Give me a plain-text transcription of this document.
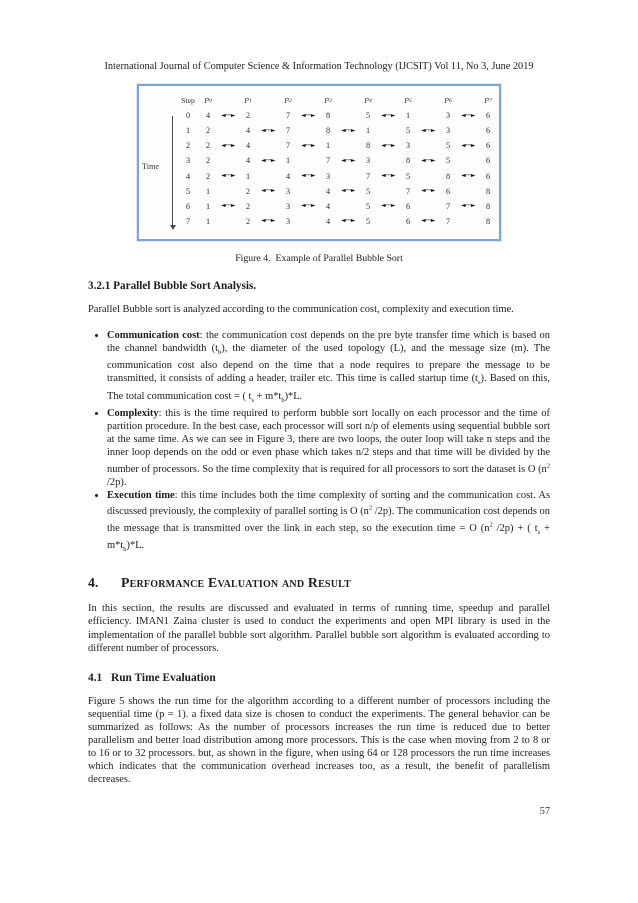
International Journal of Computer Science & Information Technology (IJCSIT) Vol 11, No 3, June 2019
Time
Step	P 0	P 1	P 2	P 3	P 4	P 5	P 6	P 7
0	4	◄──►	2	7	◄──►	8	5	◄──►	1	3	◄──►	6
1	2	4	◄──►	7	8	◄──►	1	5	◄──►	3	6
2	2	◄──►	4	7	◄──►	1	8	◄──►	3	5	◄──►	6
3	2	4	◄──►	1	7	◄──►	3	8	◄──►	5	6
4	2	◄──►	1	4	◄──►	3	7	◄──►	5	8	◄──►	6
5	1	2	◄──►	3	4	◄──►	5	7	◄──►	6	8
6	1	◄──►	2	3	◄──►	4	5	◄──►	6	7	◄──►	8
7	1	2	◄──►	3	4	◄──►	5	6	◄──►	7	8
Figure 4.  Example of Parallel Bubble Sort
3.2.1 Parallel Bubble Sort Analysis.

Parallel Bubble sort is analyzed according to the communication cost, complexity and execution time.

• Communication cost: the communication cost depends on the pre byte transfer time which is based on the channel bandwidth $(t_b)$, the diameter of the used topology (L), and the message size (m). The communication cost also depend on the time that a node requires to prepare the message to be transmitted, it consists of adding a header, trailer etc. This time is called startup time $(t_s)$. Based on this, The total communication cost = ( $t_s + m*t_b)*L$.
• Complexity: this is the time required to perform bubble sort locally on each processor and the time of partition procedure. In the best case, each processor will sort n/p of elements using sequential bubble sort at the same time. As we can see in Figure 3, there are two loops, the outer loop will take n steps and the inner loop depends on the odd or even phase which takes n/2 steps and that time will be divided by the number of processors. So the time complexity that is required for all processors to sort the dataset is O ($n^2$ /2p).
• Execution time: this time includes both the time complexity of sorting and the communication cost. As discussed previously, the complexity of parallel sorting is O ($n^2$ /2p). The communication cost depends on the message that is transmitted over the link in each step, so the execution time = O ($n^2$ /2p) + ( $t_s + m*t_b)*L$.
4.	Performance Evaluation and Result

In this section, the results are discussed and evaluated in terms of running time, speedup and parallel efficiency. IMAN1 Zaina cluster is used to conduct the experiments and open MPI library is used in the implementation of the parallel bubble sort algorithm. Parallel bubble sort algorithm is evaluated according to different number of processors.

4.1 Run Time Evaluation

Figure 5 shows the run time for the algorithm according to a different number of processors including the sequential time (p = 1). a fixed data size is chosen to conduct the experiments. The general behavior can be summarized as follows: As the number of processors increases the run time is reduced due to better parallelism and better load distribution among more processors. This is the case when moving from 2 to 8 or to 16 or to 32 processors. but, as shown in the figure, when using 64 or 128 processors the run time increases which indicates that the communication overhead increases too, as a result, the benefit of parallelism decreases.

57
